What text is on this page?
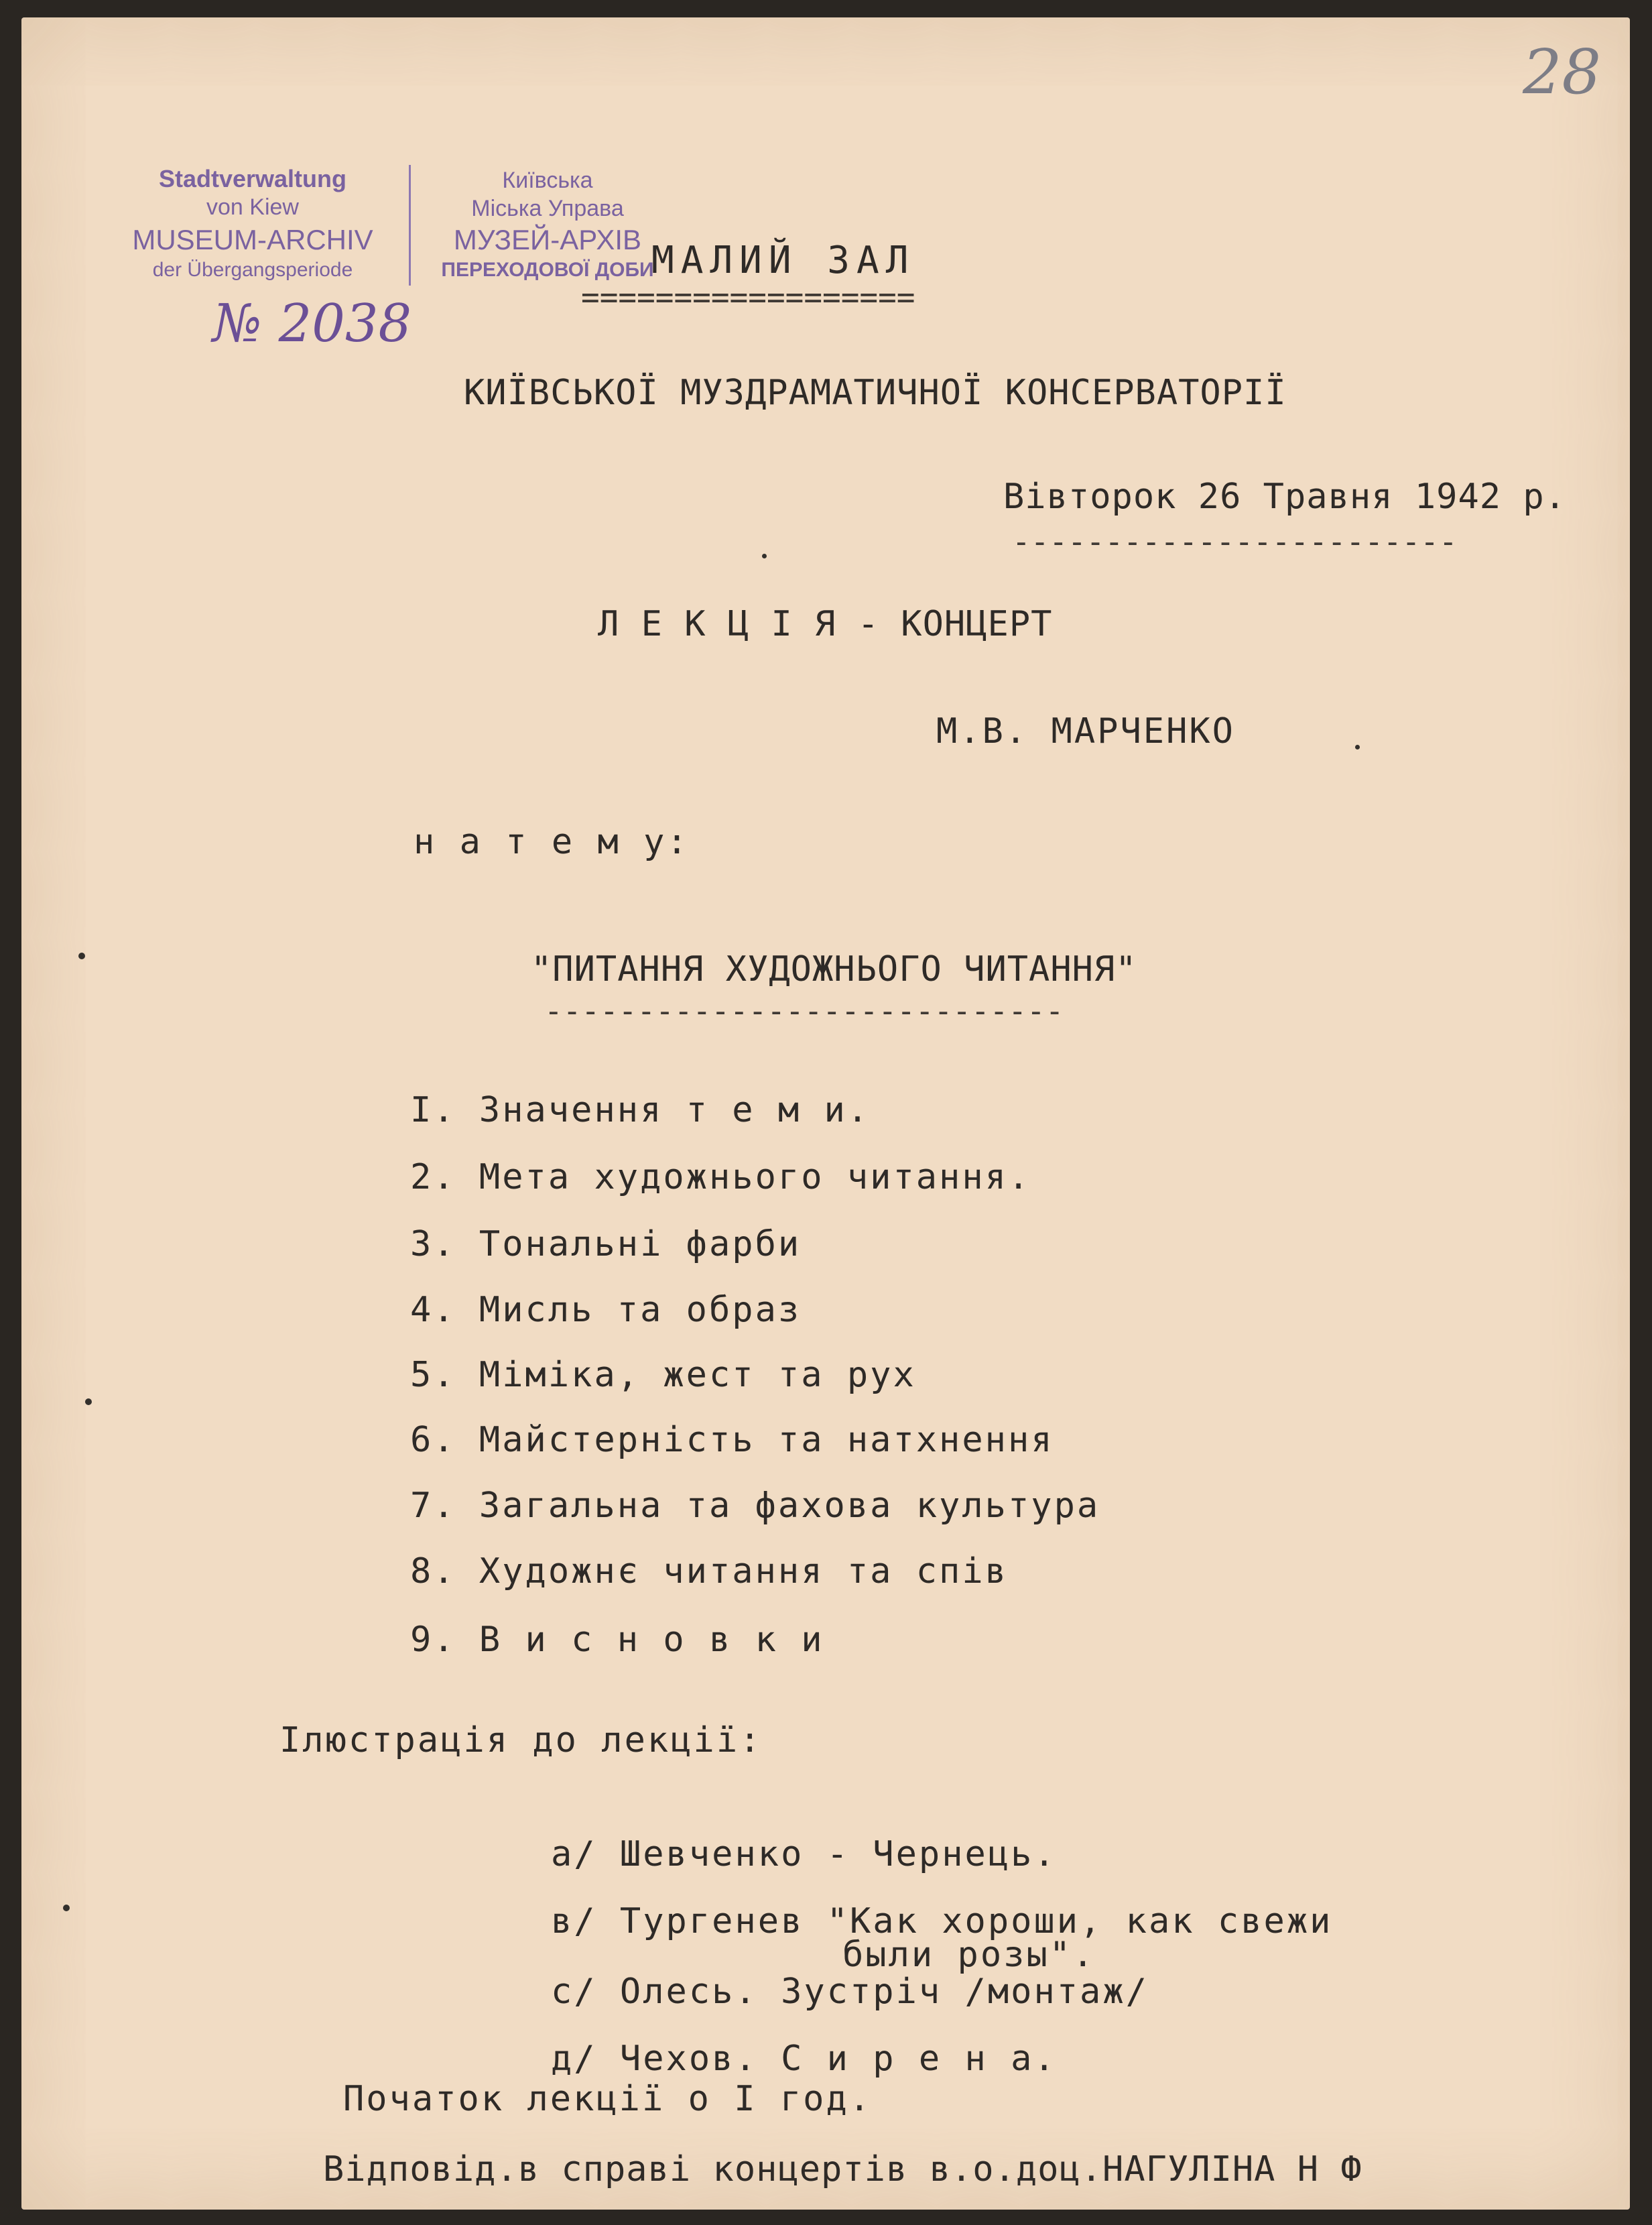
28
Stadtverwaltung
von Kiew
MUSEUM-ARCHIV
der Übergangsperiode
Київська
Міська Управа
МУЗЕЙ-АРХІВ
ПЕРЕХОДОВОЇ ДОБИ
№ 2038
МАЛИЙ ЗАЛ
==================
КИЇВСЬКОЇ МУЗДРАМАТИЧНОЇ КОНСЕРВАТОРІЇ
Вівторок 26 Травня 1942 р.
------------------------
Л Е К Ц І Я - КОНЦЕРТ
М.В. МАРЧЕНКО
н а т е м у:
"ПИТАННЯ ХУДОЖНЬОГО ЧИТАННЯ"
----------------------------
І. Значення т е м и.
2. Мета художнього читання.
3. Тональні фарби
4. Мисль та образ
5. Міміка, жест та рух
6. Майстерність та натхнення
7. Загальна та фахова культура
8. Художнє читання та спів
9. В и с н о в к и
Ілюстрація до лекції:
а/ Шевченко - Чернець.
в/ Тургенев "Как хороши, как свежи
были розы".
с/ Олесь. Зустріч /монтаж/
д/ Чехов. С и р е н а.
Початок лекції о І год.
Відповід.в справі концертів в.о.доц.НАГУЛІНА Н Ф
